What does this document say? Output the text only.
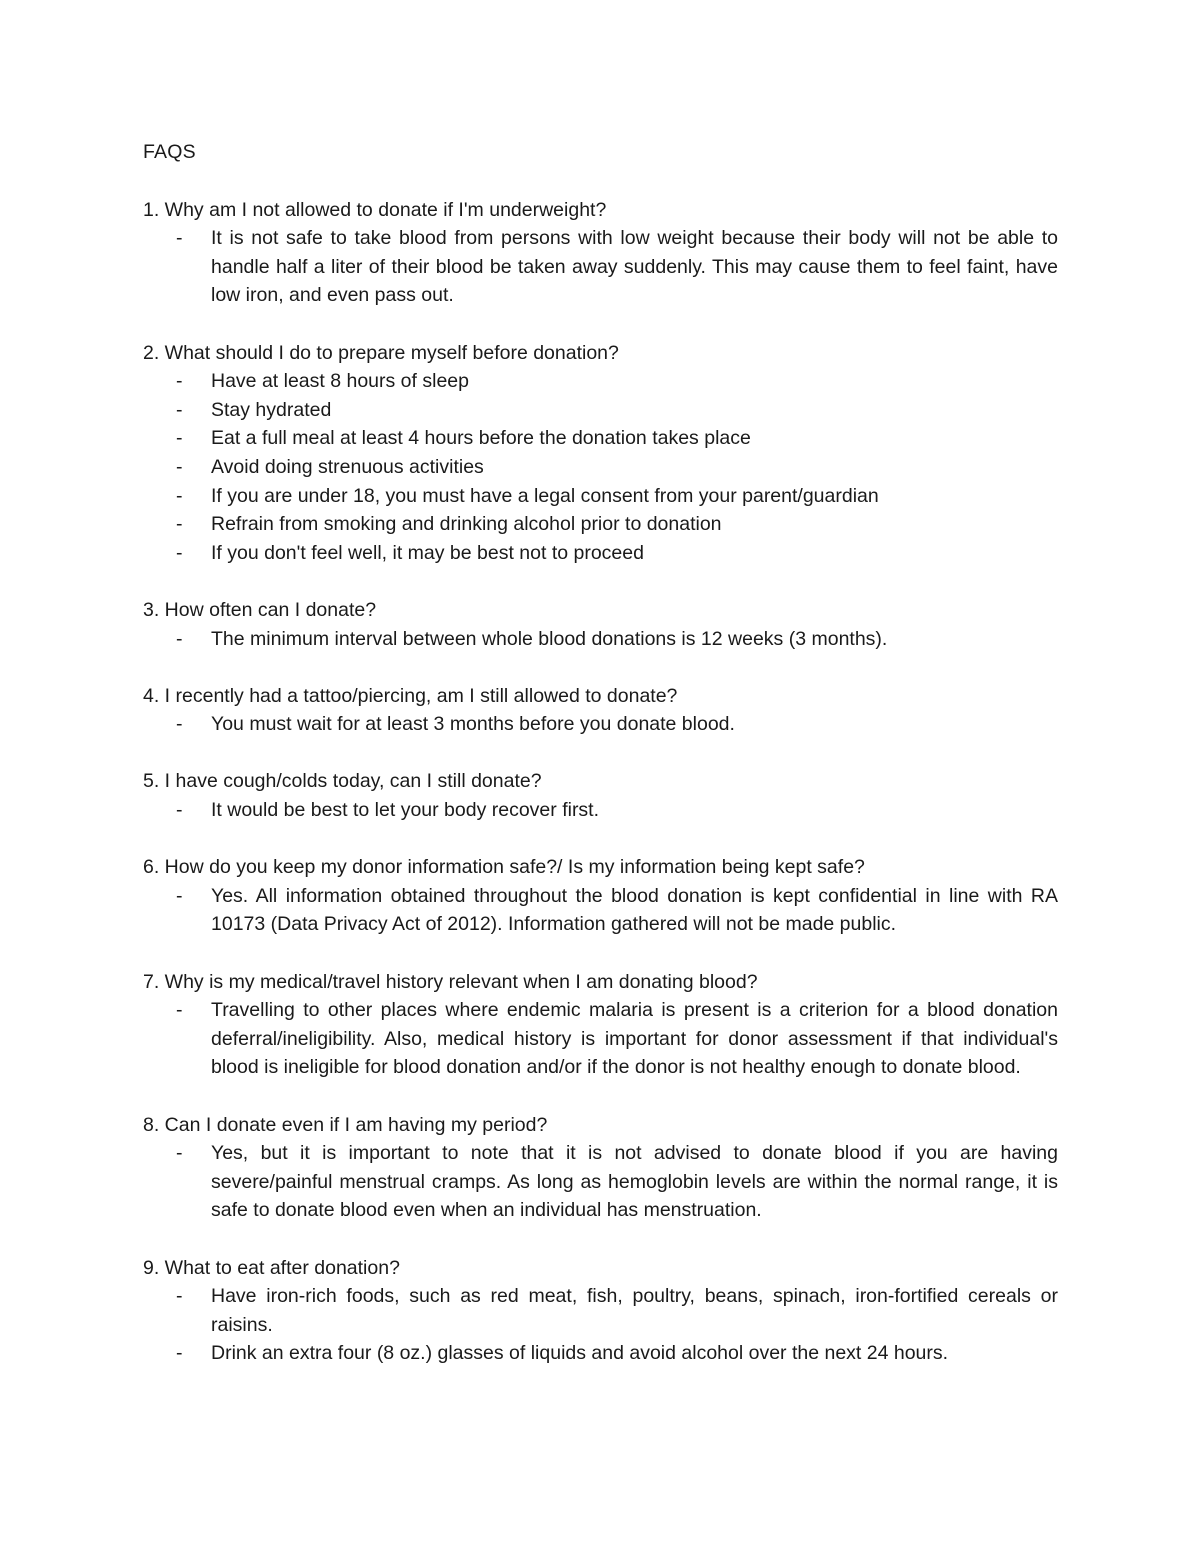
FAQS

1. Why am I not allowed to donate if I'm underweight?

- It is not safe to take blood from persons with low weight because their body will not be able to handle half a liter of their blood be taken away suddenly. This may cause them to feel faint, have low iron, and even pass out.

2. What should I do to prepare myself before donation?

- Have at least 8 hours of sleep
- Stay hydrated
- Eat a full meal at least 4 hours before the donation takes place
- Avoid doing strenuous activities
- If you are under 18, you must have a legal consent from your parent/guardian
- Refrain from smoking and drinking alcohol prior to donation
- If you don't feel well, it may be best not to proceed

3. How often can I donate?

- The minimum interval between whole blood donations is 12 weeks (3 months).

4. I recently had a tattoo/piercing, am I still allowed to donate?

- You must wait for at least 3 months before you donate blood.

5. I have cough/colds today, can I still donate?

- It would be best to let your body recover first.

6. How do you keep my donor information safe?/ Is my information being kept safe?

- Yes. All information obtained throughout the blood donation is kept confidential in line with RA 10173 (Data Privacy Act of 2012). Information gathered will not be made public.

7. Why is my medical/travel history relevant when I am donating blood?

- Travelling to other places where endemic malaria is present is a criterion for a blood donation deferral/ineligibility. Also, medical history is important for donor assessment if that individual's blood is ineligible for blood donation and/or if the donor is not healthy enough to donate blood.

8. Can I donate even if I am having my period?

- Yes, but it is important to note that it is not advised to donate blood if you are having severe/painful menstrual cramps. As long as hemoglobin levels are within the normal range, it is safe to donate blood even when an individual has menstruation.

9. What to eat after donation?

- Have iron-rich foods, such as red meat, fish, poultry, beans, spinach, iron-fortified cereals or raisins.
- Drink an extra four (8 oz.) glasses of liquids and avoid alcohol over the next 24 hours.
